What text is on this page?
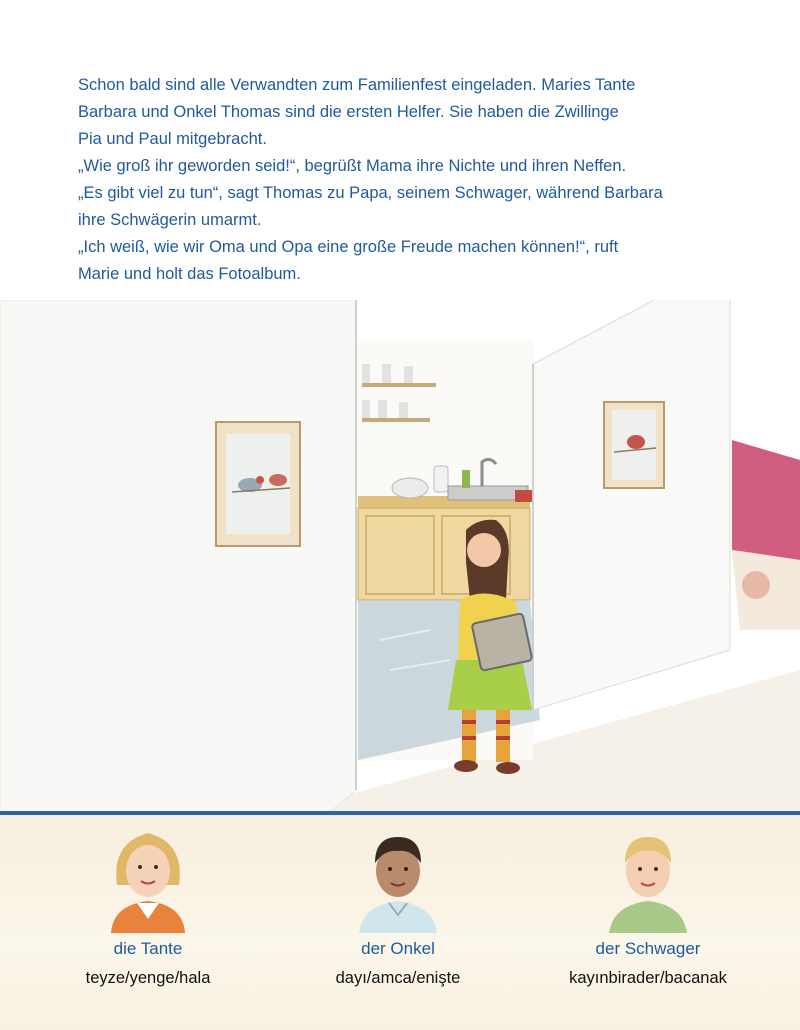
Schon bald sind alle Verwandten zum Familienfest eingeladen. Maries Tante

Barbara und Onkel Thomas sind die ersten Helfer. Sie haben die Zwillinge

Pia und Paul mitgebracht.

„Wie groß ihr geworden seid!“, begrüßt Mama ihre Nichte und ihren Neffen.

„Es gibt viel zu tun“, sagt Thomas zu Papa, seinem Schwager, während Barbara

ihre Schwägerin umarmt.

„Ich weiß, wie wir Oma und Opa eine große Freude machen können!“, ruft

Marie und holt das Fotoalbum.

die Tante
teyze/yenge/hala
der Onkel
dayı/amca/enişte
der Schwager
kayınbirader/bacanak
